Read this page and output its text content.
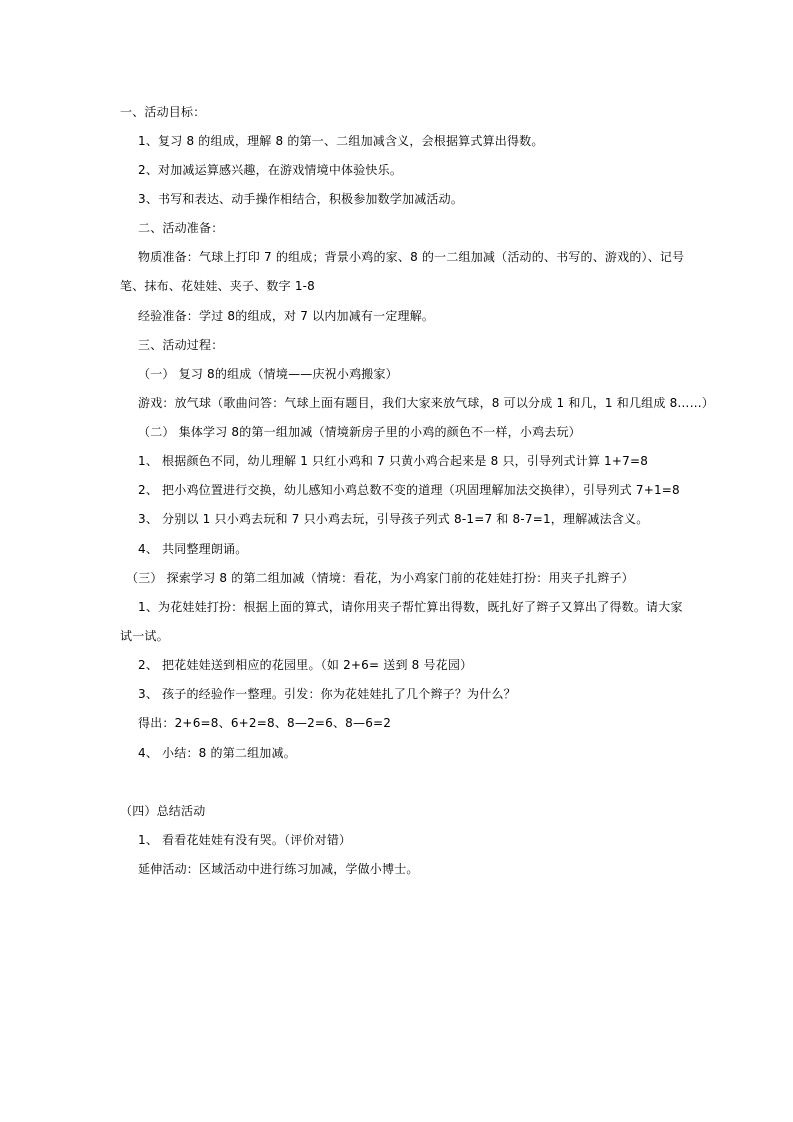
一、活动目标：
1、复习 8 的组成，理解 8 的第一、二组加减含义，会根据算式算出得数。
2、对加减运算感兴趣，在游戏情境中体验快乐。
3、书写和表达、动手操作相结合，积极参加数学加减活动。
二、活动准备：
物质准备：气球上打印 7 的组成；背景小鸡的家、8 的一二组加减（活动的、书写的、游戏的）、记号
笔、抹布、花娃娃、夹子、数字 1-8
经验准备：学过 8的组成，对 7 以内加减有一定理解。
三、活动过程：
（一） 复习 8的组成（情境——庆祝小鸡搬家）
游戏：放气球（歌曲问答：气球上面有题目，我们大家来放气球，8 可以分成 1 和几，1 和几组成 8……）
（二） 集体学习 8的第一组加减（情境新房子里的小鸡的颜色不一样，小鸡去玩）
1、 根据颜色不同，幼儿理解 1 只红小鸡和 7 只黄小鸡合起来是 8 只，引导列式计算 1+7=8
2、 把小鸡位置进行交换，幼儿感知小鸡总数不变的道理（巩固理解加法交换律），引导列式 7+1=8
3、 分别以 1 只小鸡去玩和 7 只小鸡去玩，引导孩子列式 8-1=7 和 8-7=1，理解减法含义。
4、 共同整理朗诵。
（三） 探索学习 8 的第二组加减（情境：看花，为小鸡家门前的花娃娃打扮：用夹子扎辫子）
1、为花娃娃打扮：根据上面的算式，请你用夹子帮忙算出得数，既扎好了辫子又算出了得数。请大家
试一试。
2、 把花娃娃送到相应的花园里。（如 2+6= 送到 8 号花园）
3、 孩子的经验作一整理。引发：你为花娃娃扎了几个辫子？为什么？
得出：2+6=8、6+2=8、8—2=6、8—6=2
4、 小结：8 的第二组加减。
（四）总结活动
1、 看看花娃娃有没有哭。（评价对错）
延伸活动：区域活动中进行练习加减，学做小博士。
